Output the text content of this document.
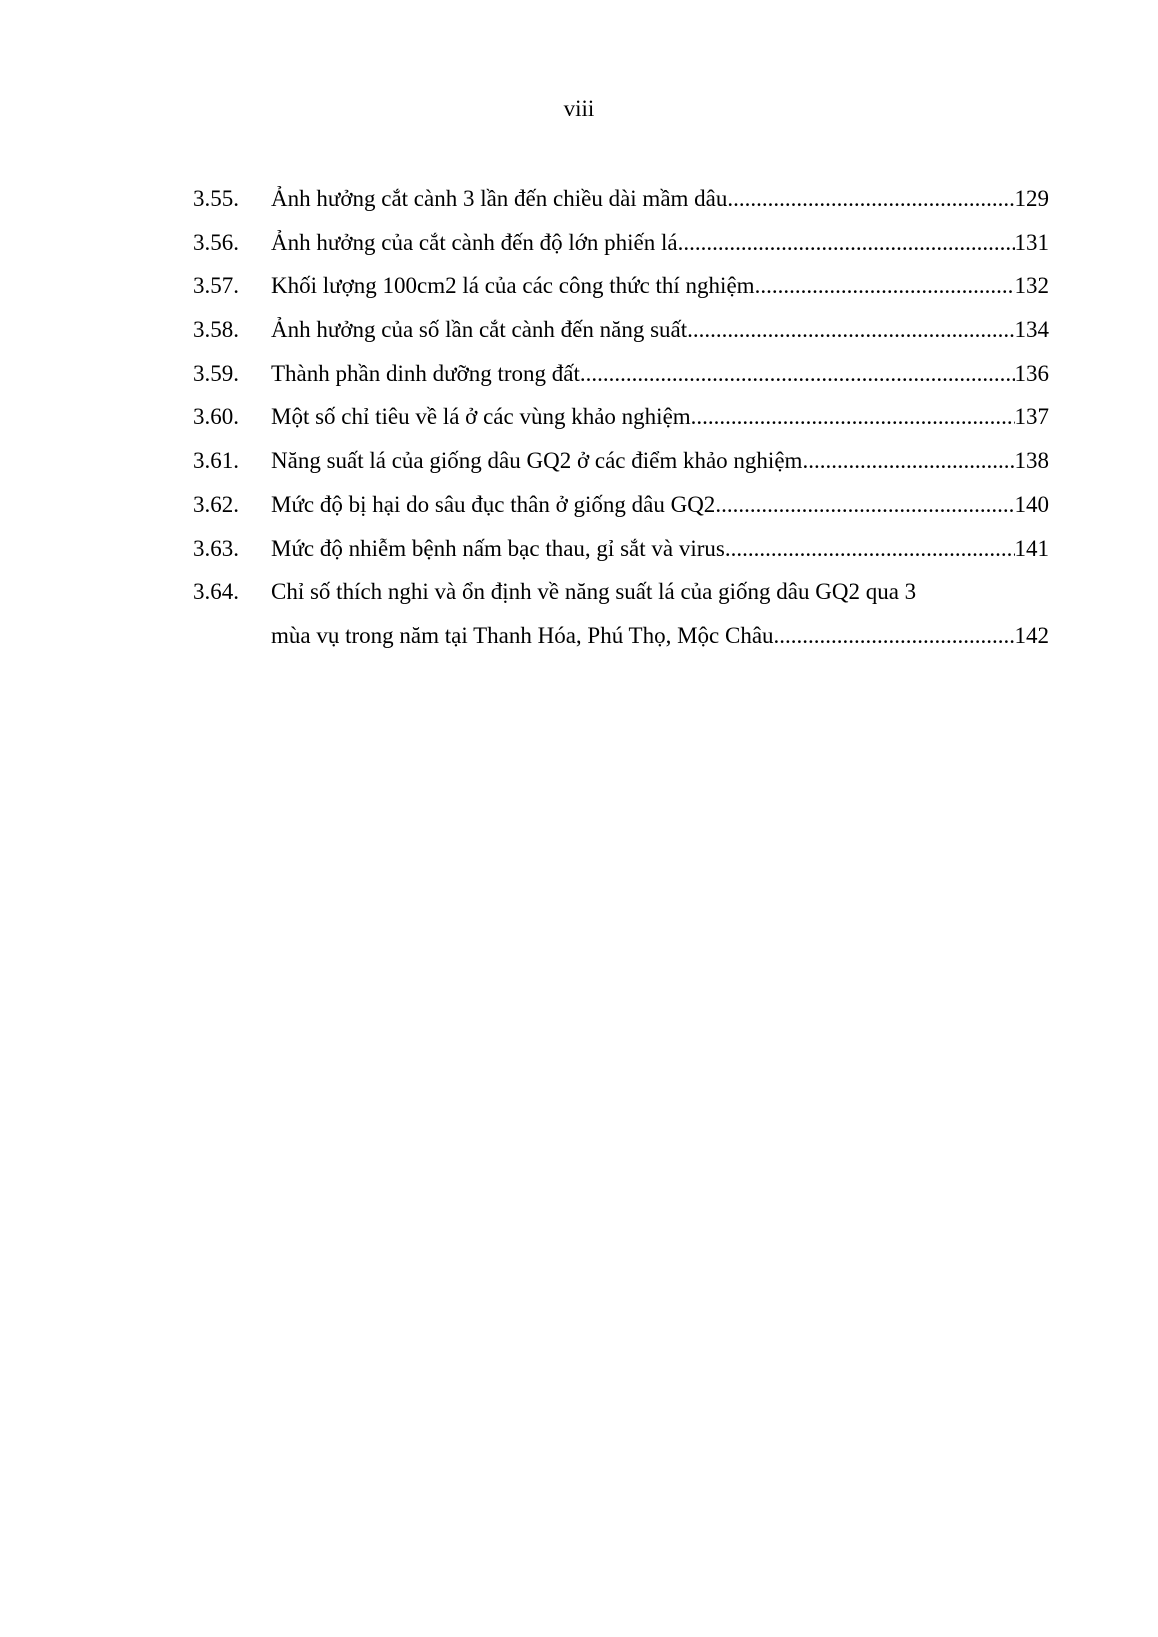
viii
3.55.	Ảnh hưởng cắt cành 3 lần đến chiều dài mầm dâu .....	129
3.56.	Ảnh hưởng của cắt cành đến độ lớn phiến lá .....	131
3.57.	Khối lượng 100cm2 lá của các công thức thí nghiệm .....	132
3.58.	Ảnh hưởng của số lần cắt cành đến năng suất .....	134
3.59.	Thành phần dinh dưỡng trong đất .....	136
3.60.	Một số chỉ tiêu về lá ở các vùng khảo nghiệm .....	137
3.61.	Năng suất lá của giống dâu GQ2 ở các điểm khảo nghiệm .....	138
3.62.	Mức độ bị hại do sâu đục thân ở giống dâu GQ2 .....	140
3.63.	Mức độ nhiễm bệnh nấm bạc thau, gỉ sắt và virus .....	141
3.64.	Chỉ số thích nghi và ổn định về năng suất lá của giống dâu GQ2 qua 3
mùa vụ trong năm tại Thanh Hóa, Phú Thọ, Mộc Châu .....	142
